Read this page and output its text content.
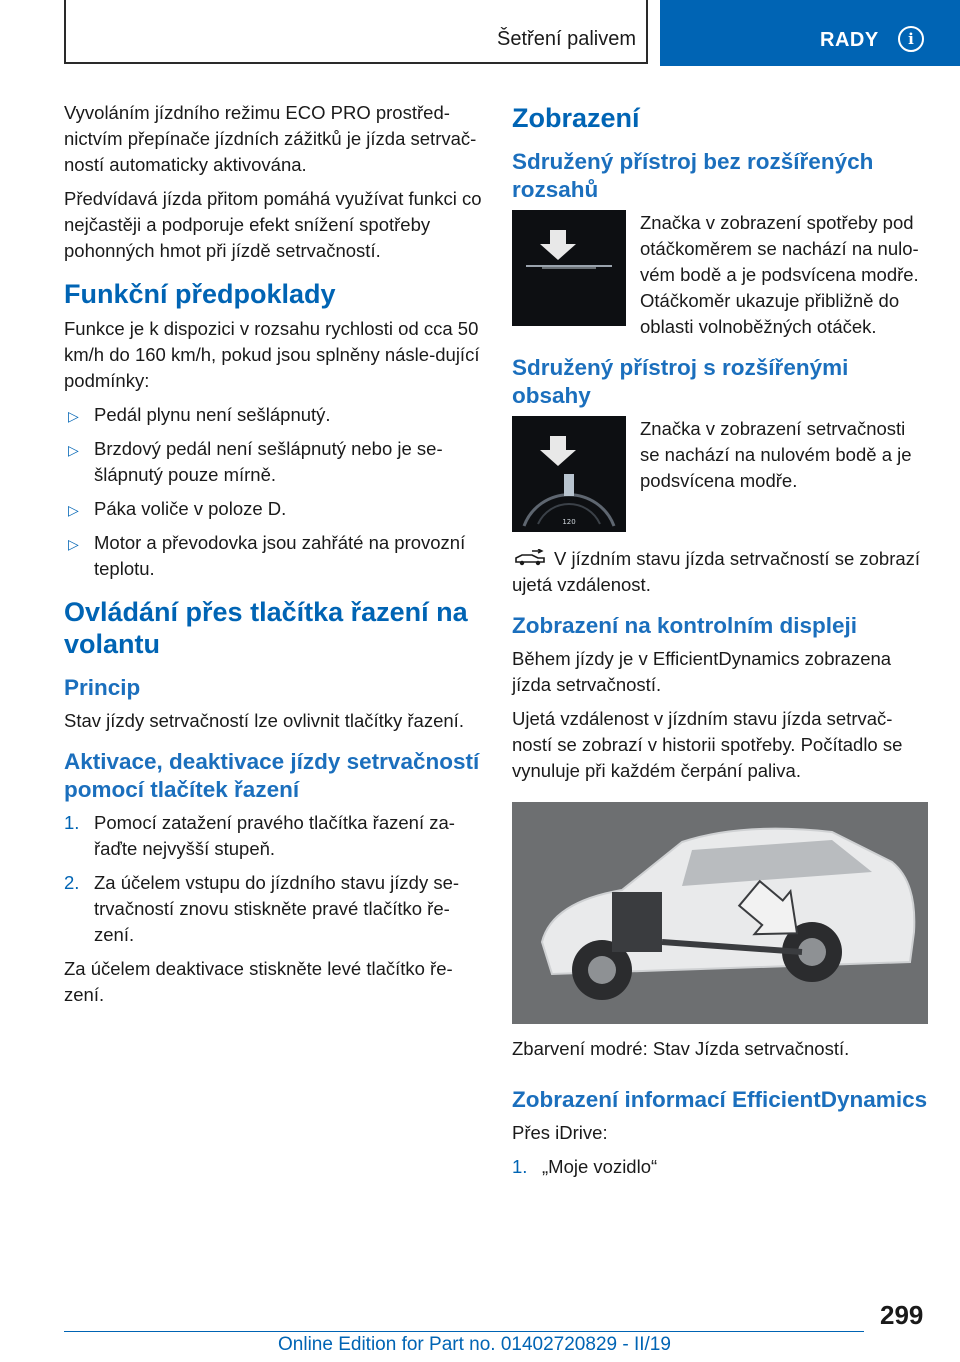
Šetření palivem	RADY	i

Vyvoláním jízdního režimu ECO PRO prostřed-nictvím přepínače jízdních zážitků je jízda setrvač-ností automaticky aktivována.

Předvídavá jízda přitom pomáhá využívat funkci co nejčastěji a podporuje efekt snížení spotřeby pohonných hmot při jízdě setrvačností.

Funkční předpoklady

Funkce je k dispozici v rozsahu rychlosti od cca 50 km/h do 160 km/h, pokud jsou splněny násle-dující podmínky:

▷ Pedál plynu není sešlápnutý.
▷ Brzdový pedál není sešlápnutý nebo je se-šlápnutý pouze mírně.
▷ Páka voliče v poloze D.
▷ Motor a převodovka jsou zahřáté na provozní teplotu.
Ovládání přes tlačítka řazení na volantu
Princip

Stav jízdy setrvačností lze ovlivnit tlačítky řazení.

Aktivace, deaktivace jízdy setrvačností pomocí tlačítek řazení
1. Pomocí zatažení pravého tlačítka řazení za-řaďte nejvyšší stupeň.
2. Za účelem vstupu do jízdního stavu jízdy se-trvačností znovu stiskněte pravé tlačítko ře-zení.

Za účelem deaktivace stiskněte levé tlačítko ře-zení.

Zobrazení
Sdružený přístroj bez rozšířených rozsahů

Značka v zobrazení spotřeby pod otáčkoměrem se nachází na nulo-vém bodě a je podsvícena modře. Otáčkoměr ukazuje přibližně do oblasti volnoběžných otáček.

Sdružený přístroj s rozšířenými obsahy
120

Značka v zobrazení setrvačnosti se nachází na nulovém bodě a je podsvícena modře.

V jízdním stavu jízda setrvačností se zobrazí ujetá vzdálenost.

Zobrazení na kontrolním displeji

Během jízdy je v EfficientDynamics zobrazena jízda setrvačností.

Ujetá vzdálenost v jízdním stavu jízda setrvač-ností se zobrazí v historii spotřeby. Počítadlo se vynuluje při každém čerpání paliva.

Zbarvení modré: Stav Jízda setrvačností.

Zobrazení informací EfficientDynamics

Přes iDrive:

1. „Moje vozidlo“
299
Online Edition for Part no. 01402720829 - II/19
